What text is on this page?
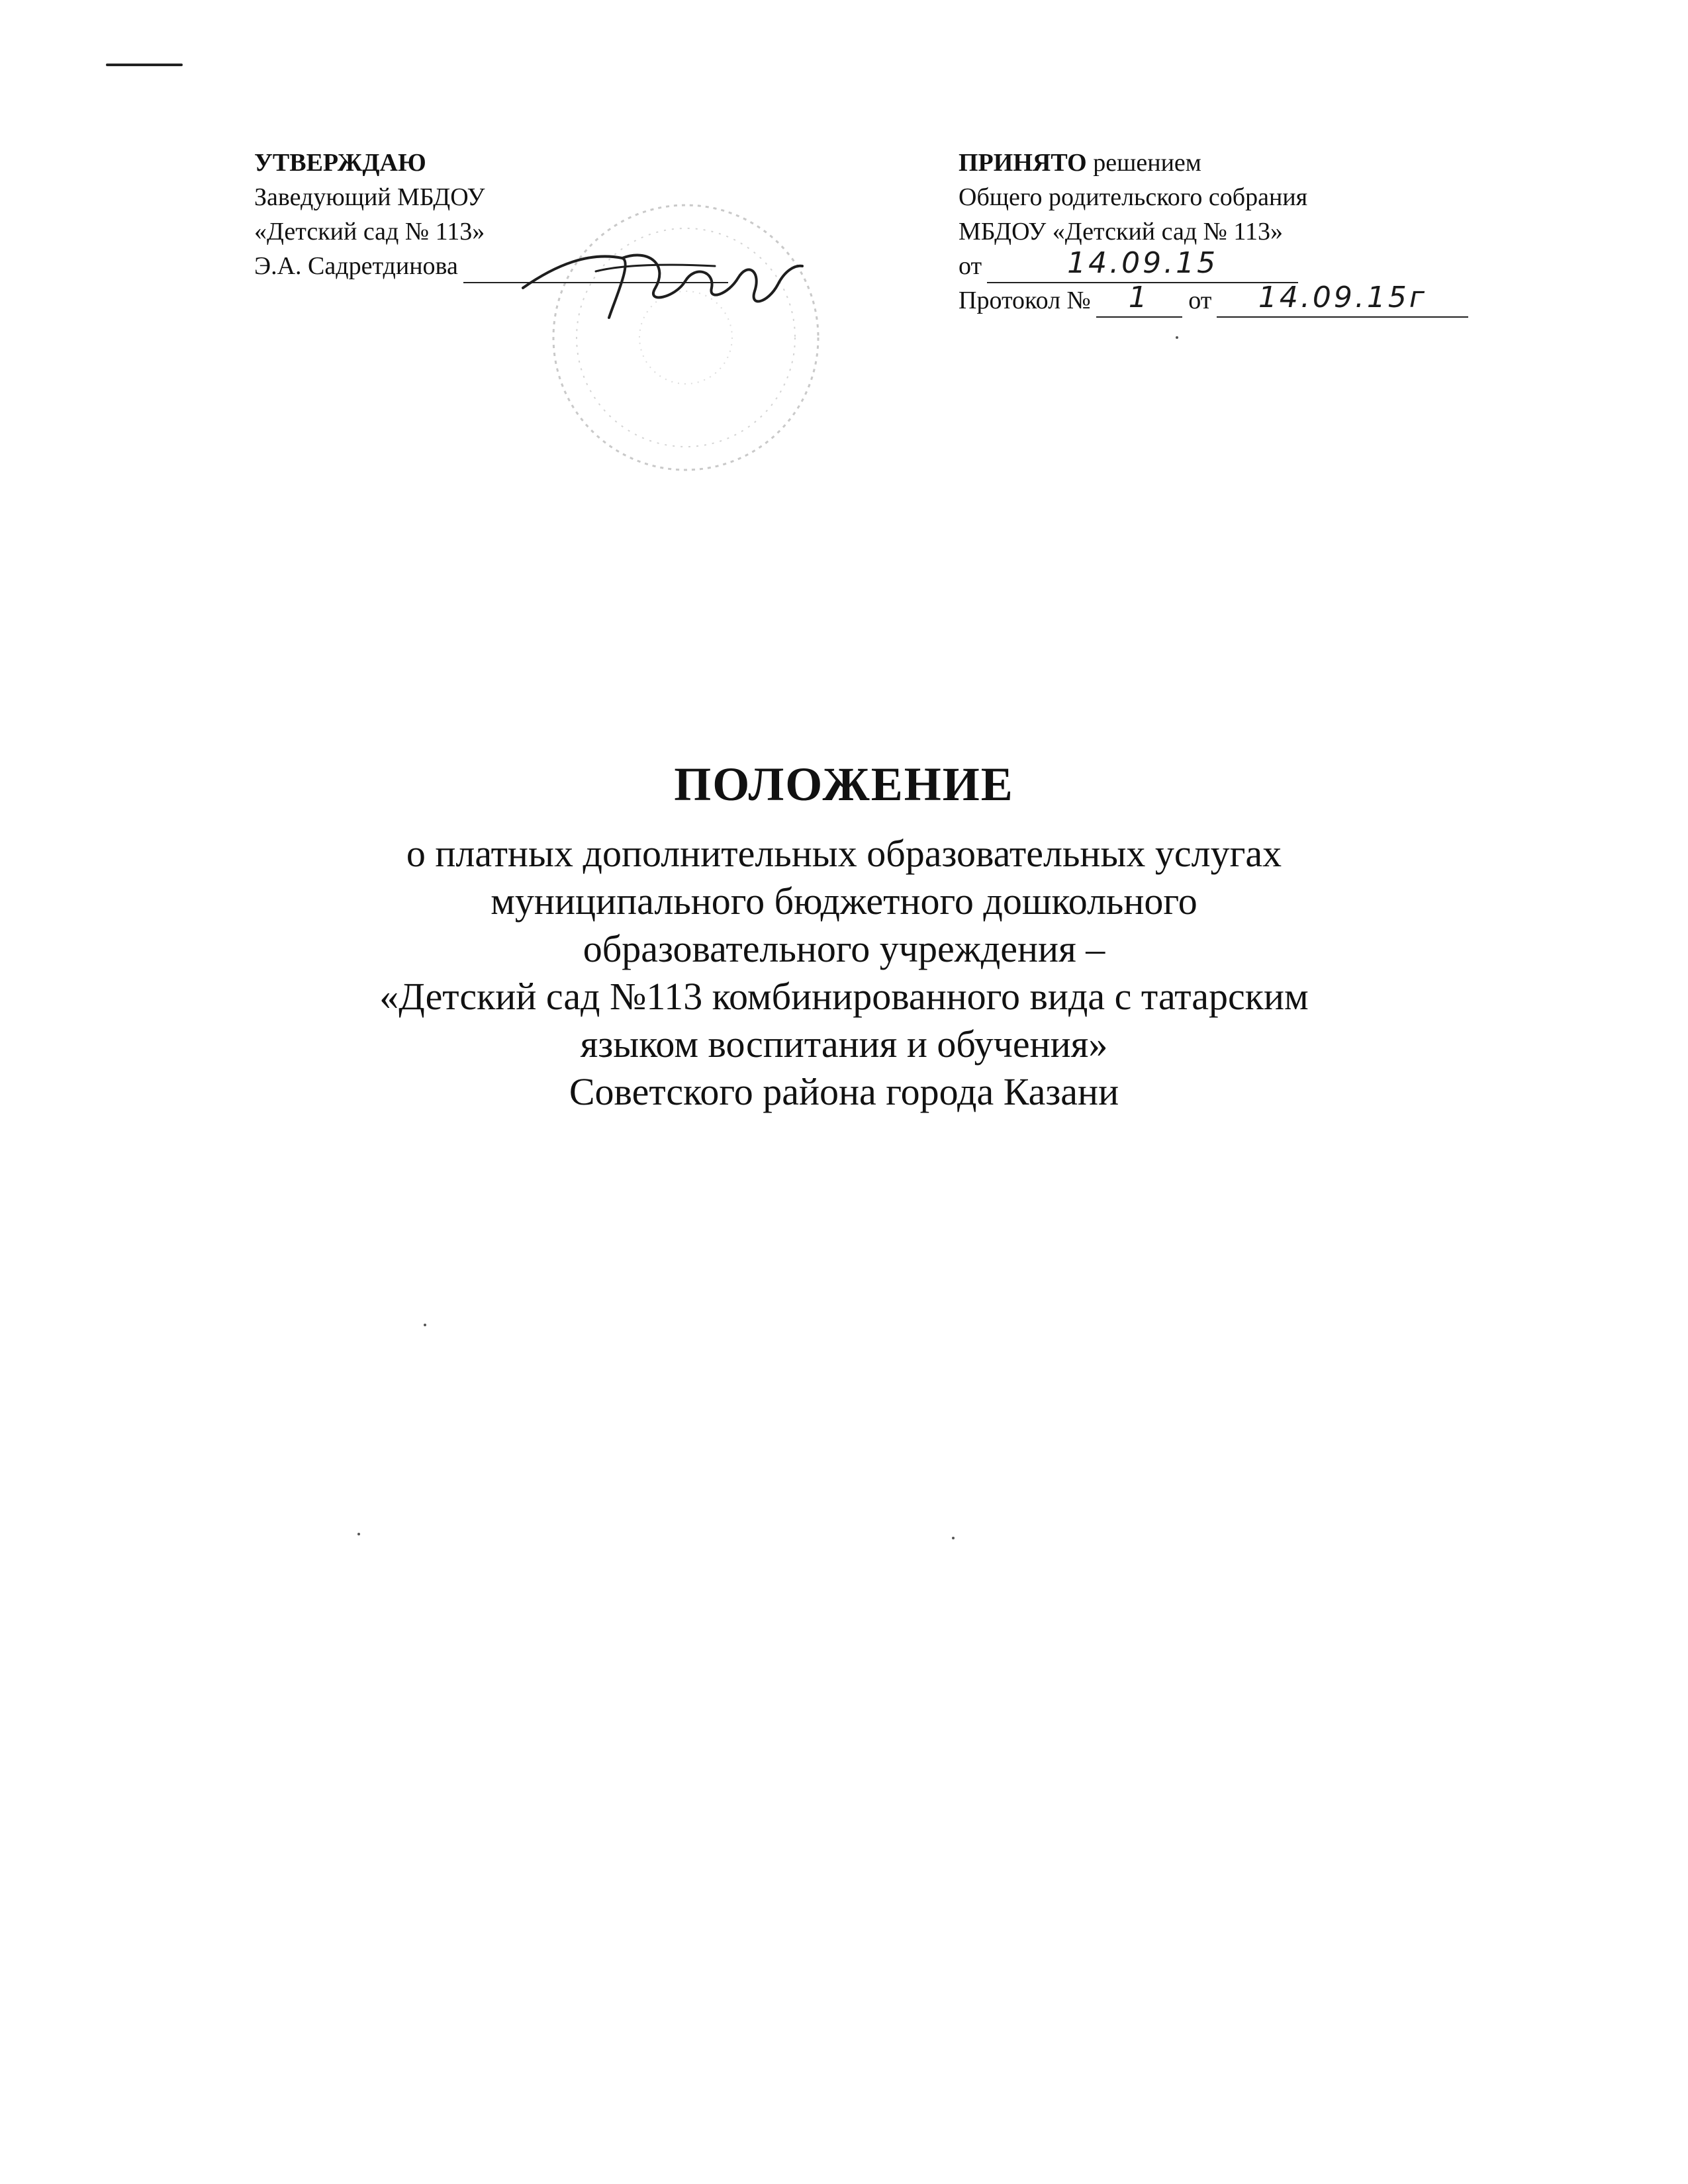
УТВЕРЖДАЮ
Заведующий МБДОУ
«Детский сад № 113»
Э.А. Садретдинова
ПРИНЯТО решением
Общего родительского собрания
МБДОУ «Детский сад № 113»
от	14.09.15
Протокол № 1 от 14.09.15г
ПОЛОЖЕНИЕ
о платных дополнительных образовательных услугах
муниципального бюджетного дошкольного
образовательного учреждения –
«Детский сад №113 комбинированного вида с татарским
языком воспитания и обучения»
Советского района города Казани
